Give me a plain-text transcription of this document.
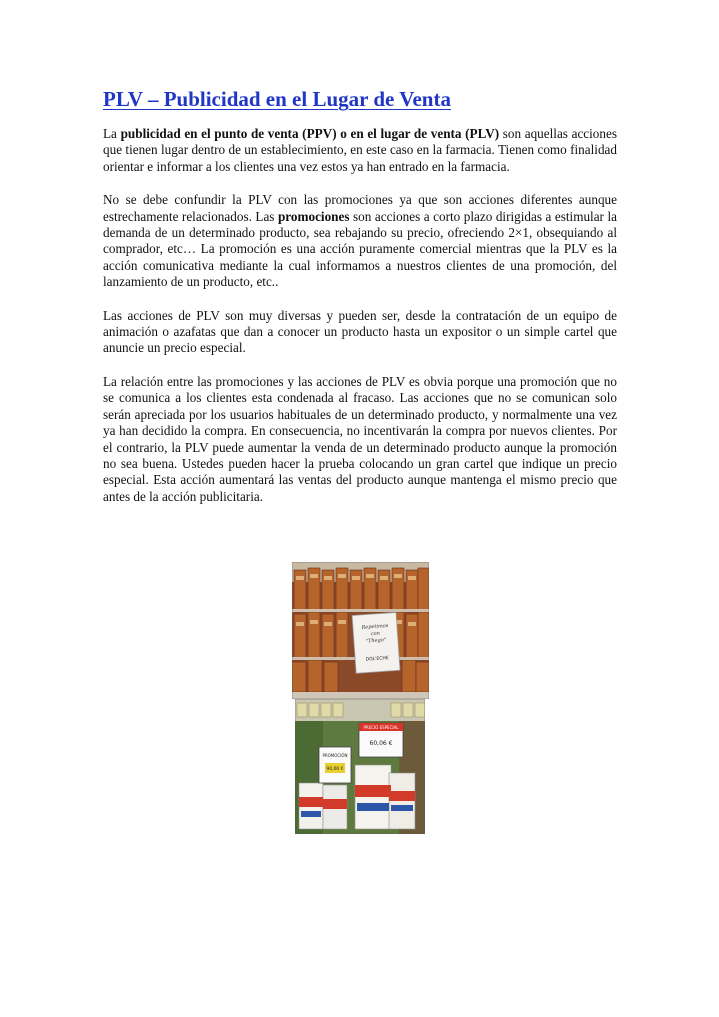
PLV – Publicidad en el Lugar de Venta

La publicidad en el punto de venta (PPV) o en el lugar de venta (PLV) son aquellas acciones que tienen lugar dentro de un establecimiento, en este caso en la farmacia. Tienen como finalidad orientar e informar a los clientes una vez estos ya han entrado en la farmacia.

No se debe confundir la PLV con las promociones ya que son acciones diferentes aunque estrechamente relacionados. Las promociones son acciones a corto plazo dirigidas a estimular la demanda de un determinado producto, sea rebajando su precio, ofreciendo 2×1, obsequiando al comprador, etc… La promoción es una acción puramente comercial mientras que la PLV es la acción comunicativa mediante la cual informamos a nuestros clientes de una promoción, del lanzamiento de un producto, etc..

Las acciones de PLV son muy diversas y pueden ser, desde la contratación de un equipo de animación o azafatas que dan a conocer un producto hasta un expositor o un simple cartel que anuncie un precio especial.

La relación entre las promociones y las acciones de PLV es obvia porque una promoción que no se comunica a los clientes esta condenada al fracaso. Las acciones que no se comunican solo serán apreciada por los usuarios habituales de un determinado producto, y normalmente una vez ya han decidido la compra. En consecuencia, no incentivarán la compra por nuevos clientes. Por el contrario, la PLV puede aumentar la venda de un determinado producto aunque la promoción no sea buena. Ustedes pueden hacer la prueba colocando un gran cartel que indique un precio especial. Esta acción aumentará las ventas del producto aunque mantenga el mismo precio que antes de la acción publicitaria.

Repetimos
con
"Thego"
DOL'ECHE
PRECIO ESPECIAL
60,06 €
PROMOCIÓN
90,00 €
